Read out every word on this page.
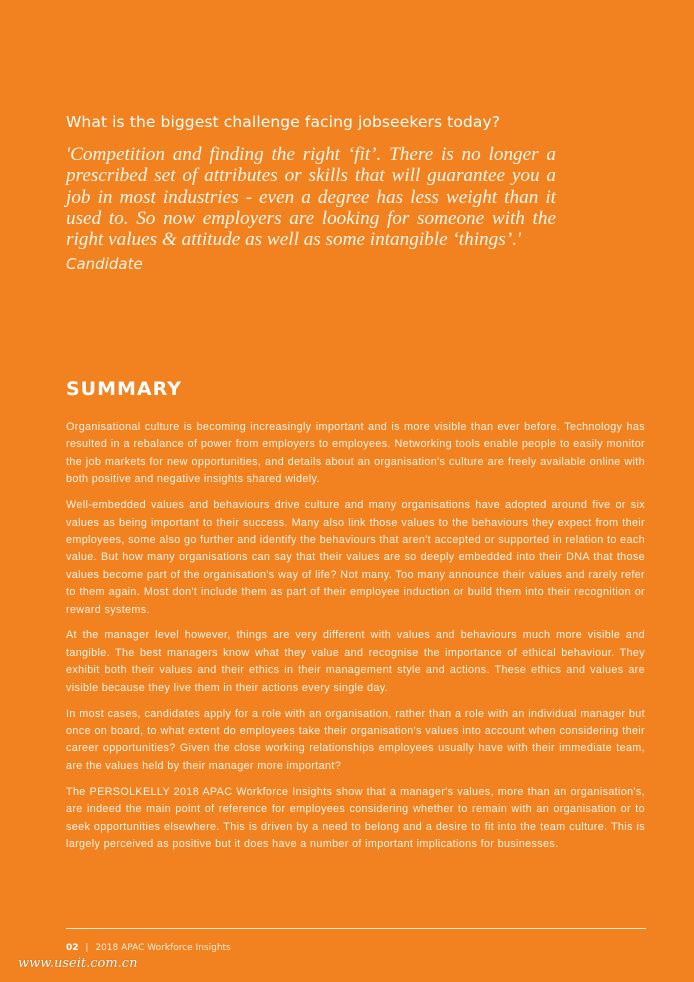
What is the biggest challenge facing jobseekers today?

'Competition and finding the right ‘fit’. There is no longer a prescribed set of attributes or skills that will guarantee you a job in most industries - even a degree has less weight than it used to. So now employers are looking for someone with the right values & attitude as well as some intangible ‘things’.'

Candidate
SUMMARY

Organisational culture is becoming increasingly important and is more visible than ever before. Technology has resulted in a rebalance of power from employers to employees. Networking tools enable people to easily monitor the job markets for new opportunities, and details about an organisation's culture are freely available online with both positive and negative insights shared widely.

Well-embedded values and behaviours drive culture and many organisations have adopted around five or six values as being important to their success. Many also link those values to the behaviours they expect from their employees, some also go further and identify the behaviours that aren't accepted or supported in relation to each value. But how many organisations can say that their values are so deeply embedded into their DNA that those values become part of the organisation's way of life? Not many. Too many announce their values and rarely refer to them again. Most don't include them as part of their employee induction or build them into their recognition or reward systems.

At the manager level however, things are very different with values and behaviours much more visible and tangible. The best managers know what they value and recognise the importance of ethical behaviour. They exhibit both their values and their ethics in their management style and actions. These ethics and values are visible because they live them in their actions every single day.

In most cases, candidates apply for a role with an organisation, rather than a role with an individual manager but once on board, to what extent do employees take their organisation's values into account when considering their career opportunities? Given the close working relationships employees usually have with their immediate team, are the values held by their manager more important?

The PERSOLKELLY 2018 APAC Workforce Insights show that a manager's values, more than an organisation's, are indeed the main point of reference for employees considering whether to remain with an organisation or to seek opportunities elsewhere. This is driven by a need to belong and a desire to fit into the team culture. This is largely perceived as positive but it does have a number of important implications for businesses.

02 | 2018 APAC Workforce Insights
www.useit.com.cn
